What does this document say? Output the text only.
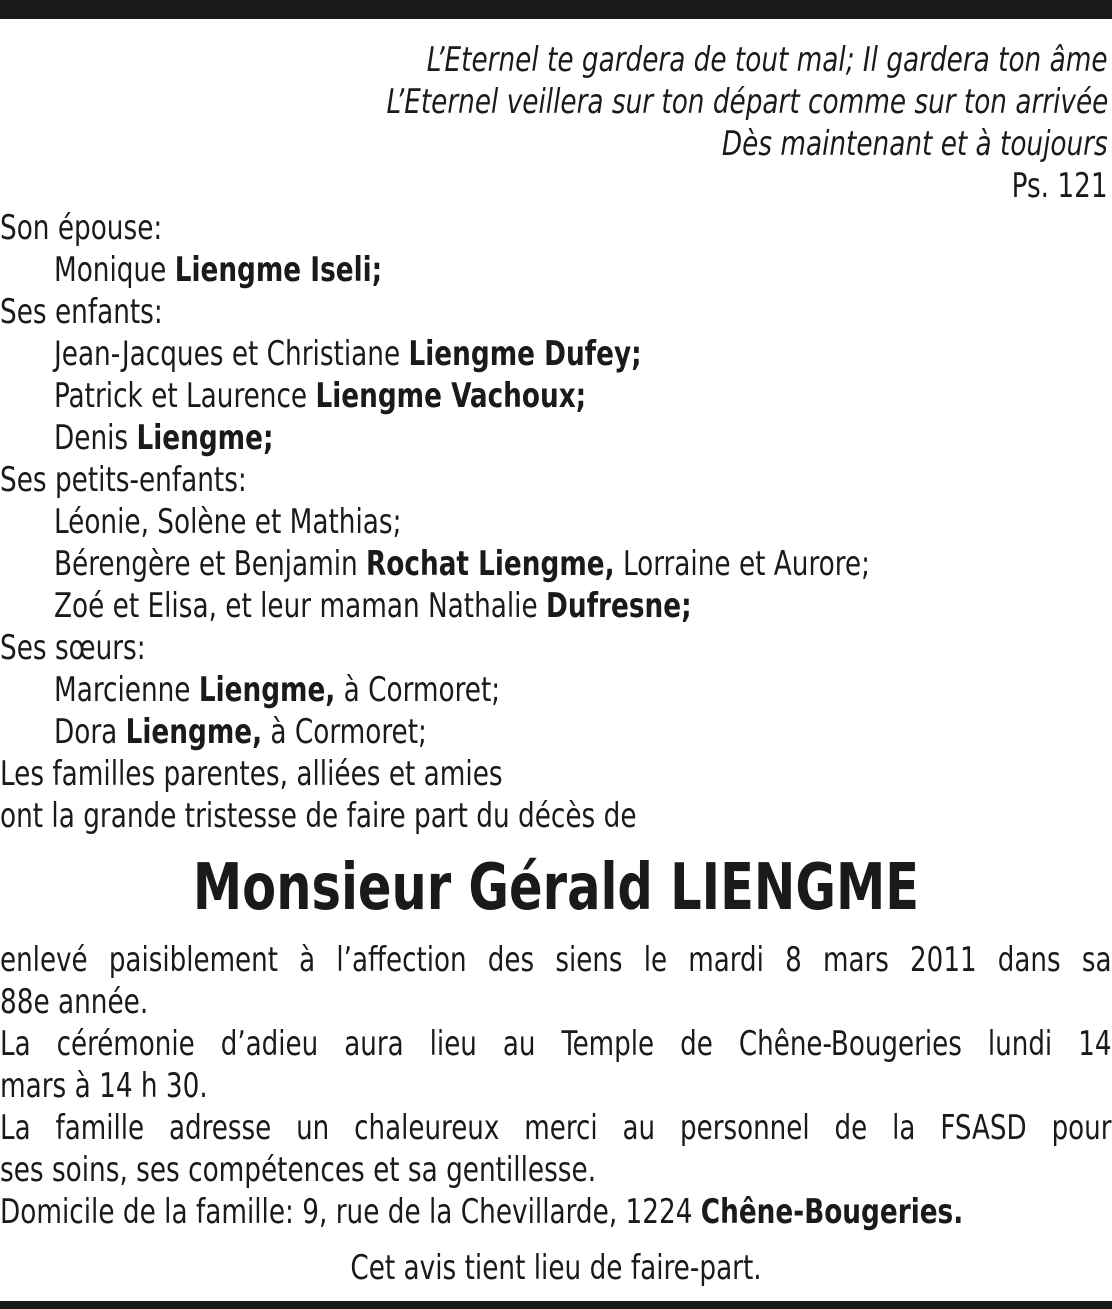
L’Eternel te gardera de tout mal; Il gardera ton âme
L’Eternel veillera sur ton départ comme sur ton arrivée
Dès maintenant et à toujours
Ps. 121
Son épouse:
Monique Liengme Iseli;
Ses enfants:
Jean-Jacques et Christiane Liengme Dufey;
Patrick et Laurence Liengme Vachoux;
Denis Liengme;
Ses petits-enfants:
Léonie, Solène et Mathias;
Bérengère et Benjamin Rochat Liengme, Lorraine et Aurore;
Zoé et Elisa, et leur maman Nathalie Dufresne;
Ses sœurs:
Marcienne Liengme, à Cormoret;
Dora Liengme, à Cormoret;
Les familles parentes, alliées et amies
ont la grande tristesse de faire part du décès de
Monsieur Gérald LIENGME
enlevé paisiblement à l’affection des siens le mardi 8 mars 2011 dans sa
88e année.
La cérémonie d’adieu aura lieu au Temple de Chêne-Bougeries lundi 14
mars à 14 h 30.
La famille adresse un chaleureux merci au personnel de la FSASD pour
ses soins, ses compétences et sa gentillesse.
Domicile de la famille: 9, rue de la Chevillarde, 1224 Chêne-Bougeries.
Cet avis tient lieu de faire-part.
